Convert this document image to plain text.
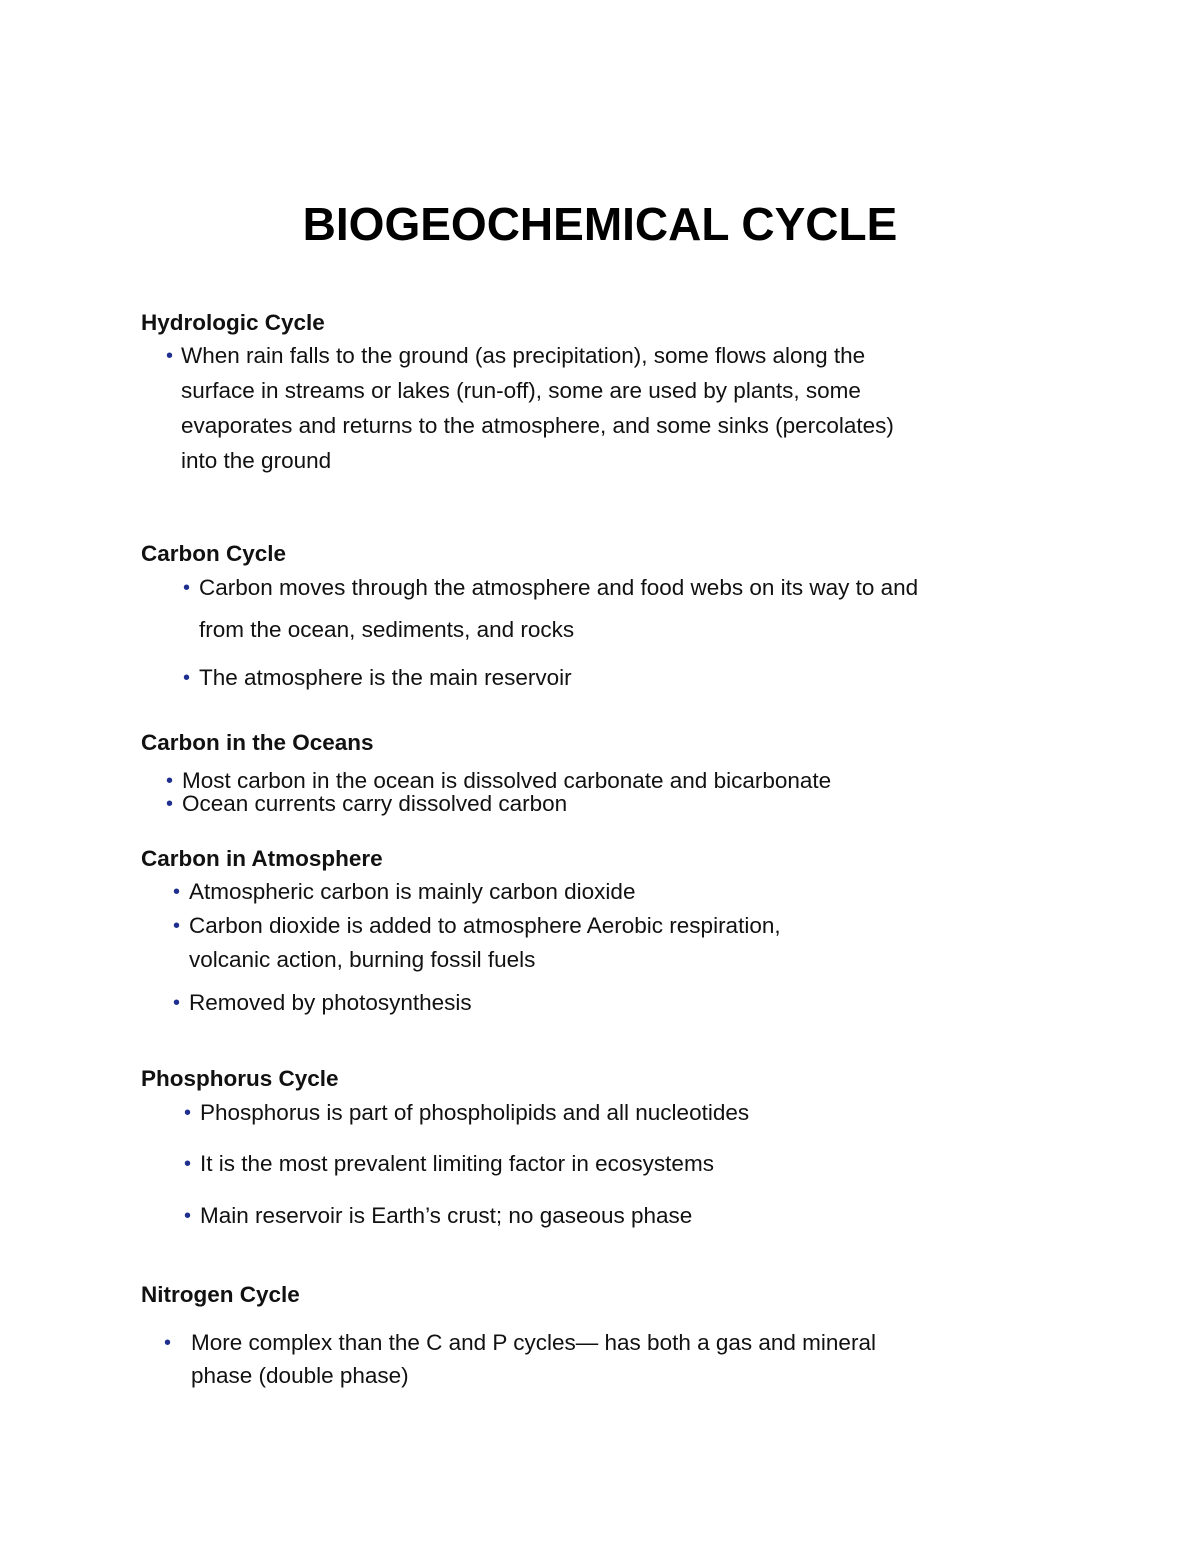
BIOGEOCHEMICAL CYCLE
Hydrologic Cycle
• When rain falls to the ground (as precipitation), some flows along the
surface in streams or lakes (run-off), some are used by plants, some
evaporates and returns to the atmosphere, and some sinks (percolates)
into the ground
Carbon Cycle
• Carbon moves through the atmosphere and food webs on its way to and
from the ocean, sediments, and rocks
• The atmosphere is the main reservoir
Carbon in the Oceans
• Most carbon in the ocean is dissolved carbonate and bicarbonate
• Ocean currents carry dissolved carbon
Carbon in Atmosphere
• Atmospheric carbon is mainly carbon dioxide
• Carbon dioxide is added to atmosphere Aerobic respiration,
volcanic action, burning fossil fuels
• Removed by photosynthesis
Phosphorus Cycle
• Phosphorus is part of phospholipids and all nucleotides
• It is the most prevalent limiting factor in ecosystems
• Main reservoir is Earth’s crust; no gaseous phase
Nitrogen Cycle
• More complex than the C and P cycles— has both a gas and mineral
phase (double phase)
